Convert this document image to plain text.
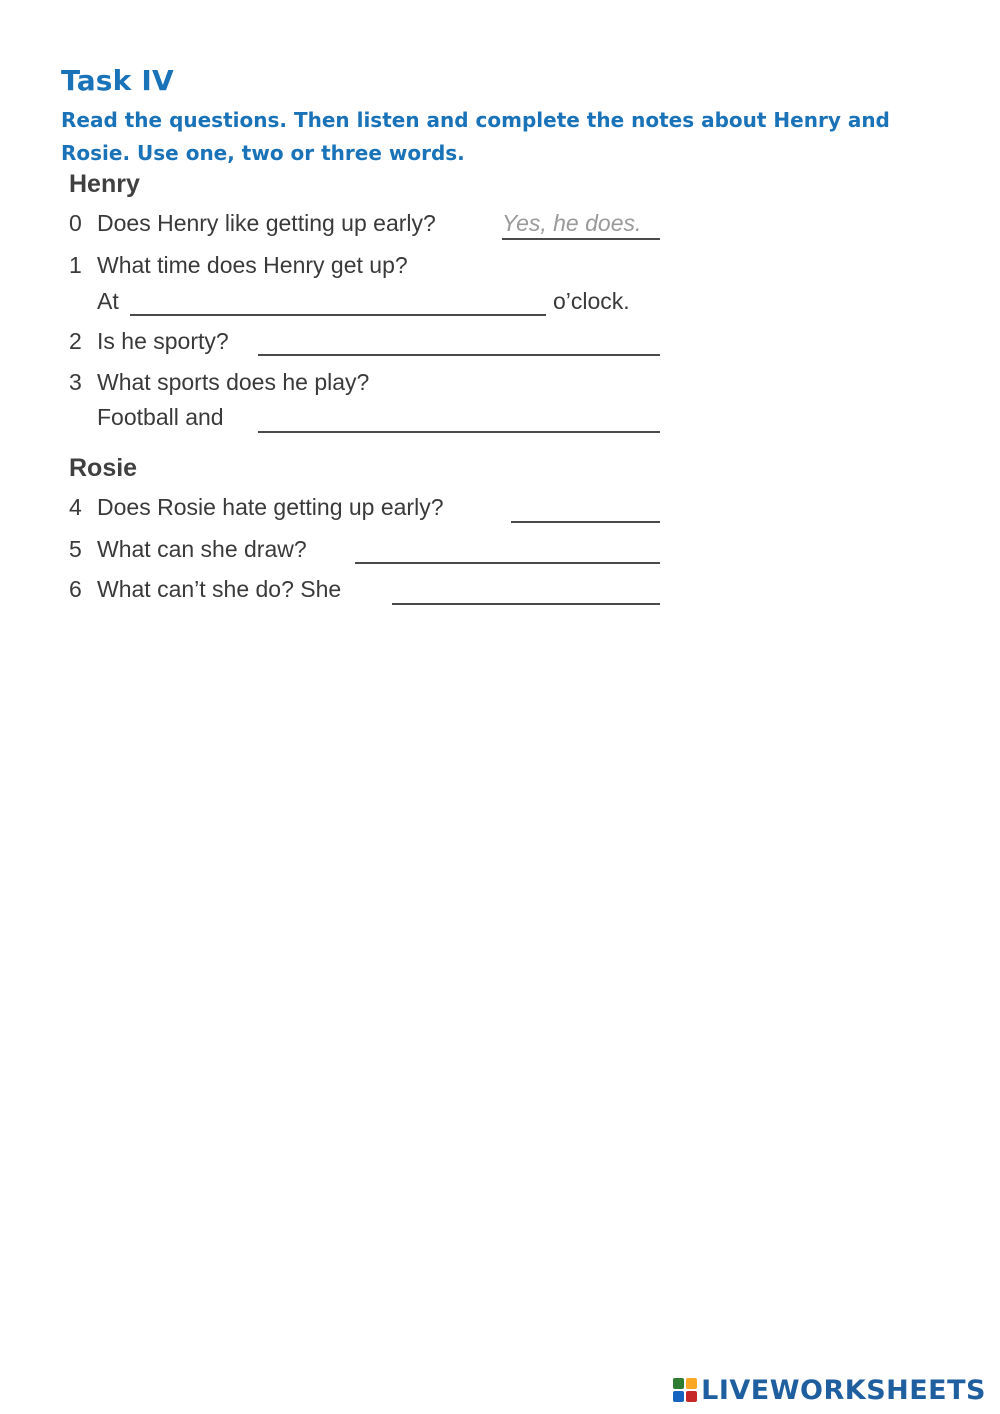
Task IV

Read the questions. Then listen and complete the notes about Henry and Rosie. Use one, two or three words.

Henry
0 Does Henry like getting up early?	Yes, he does.
1 What time does Henry get up?
At	o’clock.
2 Is he sporty?
3 What sports does he play?
Football and
Rosie
4 Does Rosie hate getting up early?
5 What can she draw?
6 What can’t she do? She
LIVEWORKSHEETS
